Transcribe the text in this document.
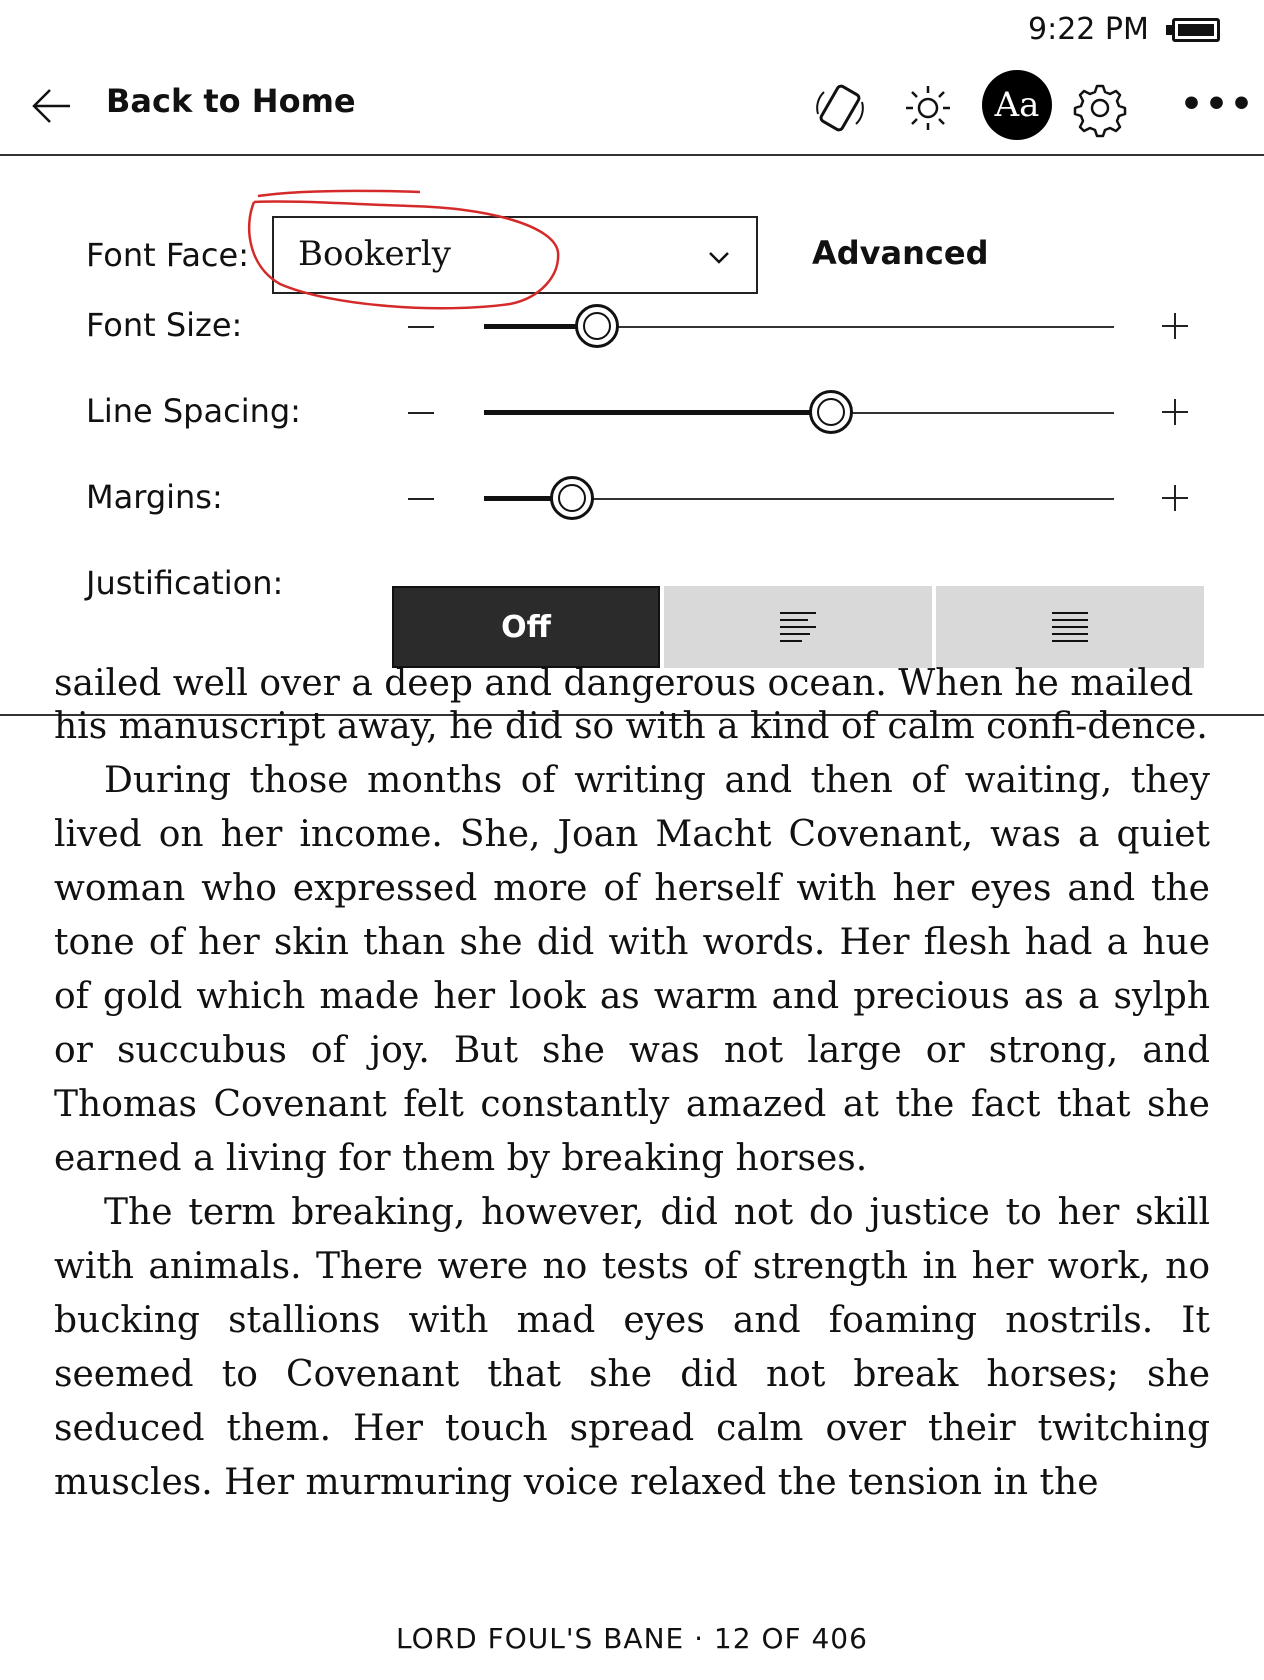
9:22 PM
Back to Home	Aa	•••
Font Face: Bookerly	Advanced
Font Size:
Line Spacing:
Margins:
Justification:
Off
sailed well over a deep and dangerous ocean. When he mailed

his manuscript away, he did so with a kind of calm confi-dence.

During those months of writing and then of waiting, they lived on her income. She, Joan Macht Covenant, was a quiet woman who expressed more of herself with her eyes and the tone of her skin than she did with words. Her flesh had a hue of gold which made her look as warm and precious as a sylph or succubus of joy. But she was not large or strong, and Thomas Covenant felt constantly amazed at the fact that she earned a living for them by breaking horses.

The term breaking, however, did not do justice to her skill with animals. There were no tests of strength in her work, no bucking stallions with mad eyes and foaming nostrils. It seemed to Covenant that she did not break horses; she seduced them. Her touch spread calm over their twitching muscles. Her murmuring voice relaxed the tension in the

LORD FOUL'S BANE · 12 OF 406
